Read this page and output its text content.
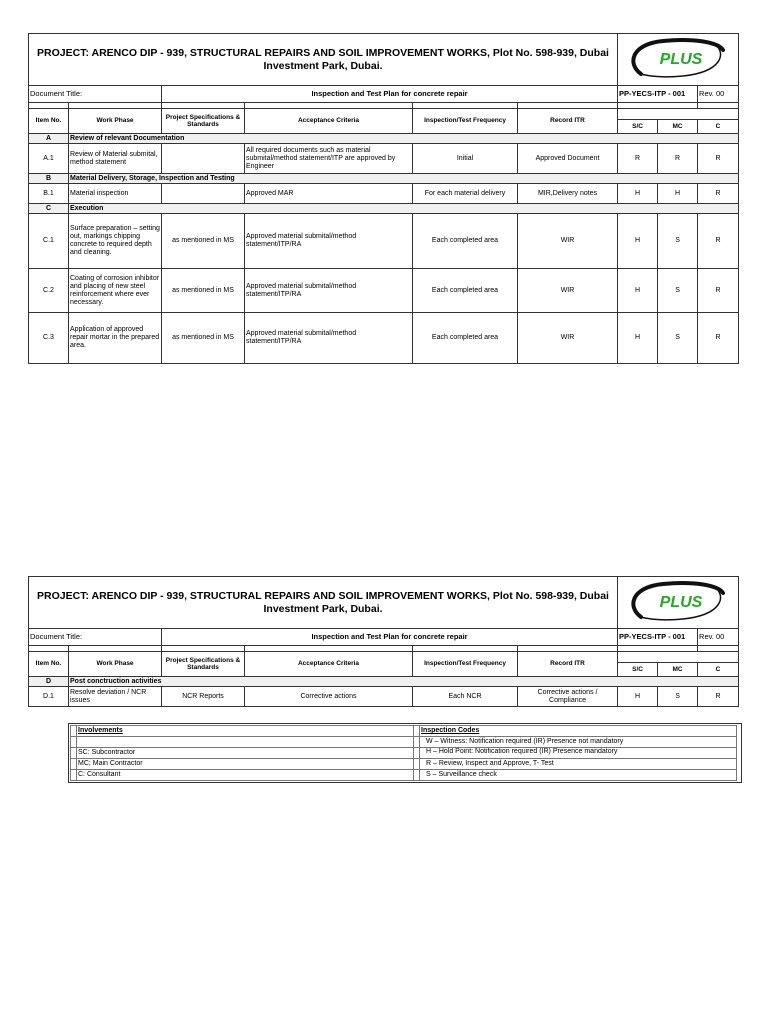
PROJECT: ARENCO DIP - 939, STRUCTURAL REPAIRS AND SOIL IMPROVEMENT WORKS, Plot No. 598-939, Dubai Investment Park, Dubai.						PLUS		

Document Title:		Inspection and Test Plan for concrete repair				PP-YECS-ITP - 001		Rev. 00

Item No.	Work Phase	Project Specifications & Standards	Acceptance Criteria	Inspection/Test Frequency	Record ITR			
						S/C	MC	C
A	Review of relevant Documentation							
A.1	Review of Material submital, method statement		All required documents such as material submital/method statement/ITP are approved by Engineer	Initial	Approved Document	R	R	R
B	Material Delivery, Storage, Inspection and Testing							
B.1	Material inspection		Approved MAR	For each material delivery	MIR,Delivery notes	H	H	R
C	Execution							
C.1	Surface preparation – setting out, markings chipping concrete to required depth and cleaning.	as mentioned in MS	Approved material submital/method statement/ITP/RA	Each completed area	WIR	H	S	R
C.2	Coating of corrosion inhibitor and placing of new steel reinforcement where ever necessary.	as mentioned in MS	Approved material submital/method statement/ITP/RA	Each completed area	WIR	H	S	R
C.3	Application of approved repair mortar in the prepared area.	as mentioned in MS	Approved material submital/method statement/ITP/RA	Each completed area	WIR	H	S	R
PROJECT: ARENCO DIP - 939, STRUCTURAL REPAIRS AND SOIL IMPROVEMENT WORKS, Plot No. 598-939, Dubai Investment Park, Dubai.						PLUS		

Document Title:		Inspection and Test Plan for concrete repair				PP-YECS-ITP - 001		Rev. 00

Item No.	Work Phase	Project Specifications & Standards	Acceptance Criteria	Inspection/Test Frequency	Record ITR			
						S/C	MC	C
D	Post conctruction activities							
D.1	Resolve deviation / NCR issues	NCR Reports	Corrective actions	Each NCR	Corrective actions / Compliance	H	S	R
	Involvements		Inspection Codes
			W – Witness: Notification required (IR) Presence not mandatory
	SC: Subcontractor		H – Hold Point: Notification required (IR) Presence mandatory
	MC; Main Contractor		R – Review, Inspect and Approve, T- Test
	C: Consultant		S – Surveillance check
